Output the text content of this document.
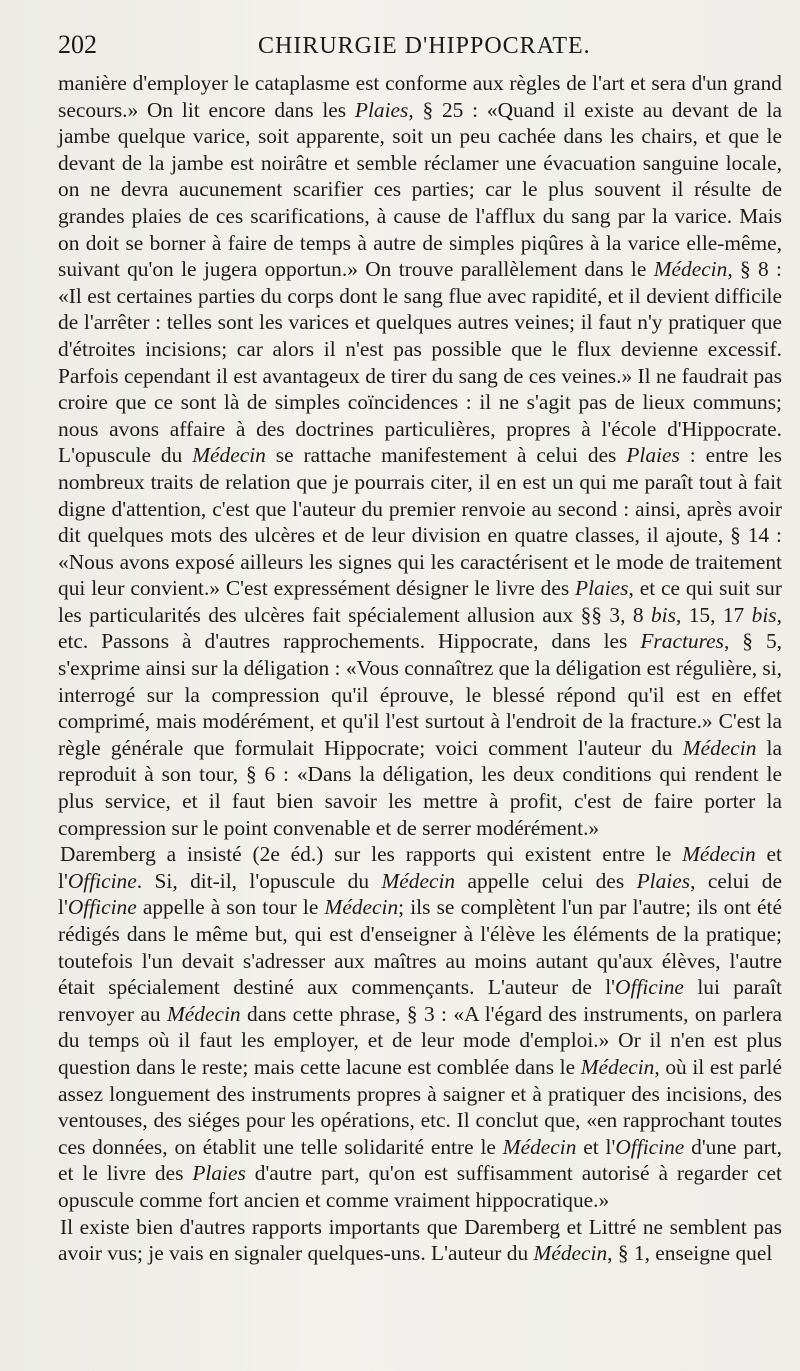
202	CHIRURGIE D'HIPPOCRATE.

manière d'employer le cataplasme est conforme aux règles de l'art et sera d'un grand secours.» On lit encore dans les Plaies, § 25 : «Quand il existe au devant de la jambe quelque varice, soit apparente, soit un peu cachée dans les chairs, et que le devant de la jambe est noirâtre et semble réclamer une évacuation sanguine locale, on ne devra aucunement scarifier ces parties; car le plus souvent il résulte de grandes plaies de ces scarifications, à cause de l'afflux du sang par la varice. Mais on doit se borner à faire de temps à autre de simples piqûres à la varice elle-même, suivant qu'on le jugera opportun.» On trouve parallèlement dans le Médecin, § 8 : «Il est certaines parties du corps dont le sang flue avec rapidité, et il devient difficile de l'arrêter : telles sont les varices et quelques autres veines; il faut n'y pratiquer que d'étroites incisions; car alors il n'est pas possible que le flux devienne excessif. Parfois cependant il est avantageux de tirer du sang de ces veines.» Il ne faudrait pas croire que ce sont là de simples coïncidences : il ne s'agit pas de lieux communs; nous avons affaire à des doctrines particulières, propres à l'école d'Hippocrate. L'opuscule du Médecin se rattache manifestement à celui des Plaies : entre les nombreux traits de relation que je pourrais citer, il en est un qui me paraît tout à fait digne d'attention, c'est que l'auteur du premier renvoie au second : ainsi, après avoir dit quelques mots des ulcères et de leur division en quatre classes, il ajoute, § 14 : «Nous avons exposé ailleurs les signes qui les caractérisent et le mode de traitement qui leur convient.» C'est expressément désigner le livre des Plaies, et ce qui suit sur les particularités des ulcères fait spécialement allusion aux §§ 3, 8 bis, 15, 17 bis, etc. Passons à d'autres rapprochements. Hippocrate, dans les Fractures, § 5, s'exprime ainsi sur la déligation : «Vous connaîtrez que la déligation est régulière, si, interrogé sur la compression qu'il éprouve, le blessé répond qu'il est en effet comprimé, mais modérément, et qu'il l'est surtout à l'endroit de la fracture.» C'est la règle générale que formulait Hippocrate; voici comment l'auteur du Médecin la reproduit à son tour, § 6 : «Dans la déligation, les deux conditions qui rendent le plus service, et il faut bien savoir les mettre à profit, c'est de faire porter la compression sur le point convenable et de serrer modérément.»

Daremberg a insisté (2e éd.) sur les rapports qui existent entre le Médecin et l'Officine. Si, dit-il, l'opuscule du Médecin appelle celui des Plaies, celui de l'Officine appelle à son tour le Médecin; ils se complètent l'un par l'autre; ils ont été rédigés dans le même but, qui est d'enseigner à l'élève les éléments de la pratique; toutefois l'un devait s'adresser aux maîtres au moins autant qu'aux élèves, l'autre était spécialement destiné aux commençants. L'auteur de l'Officine lui paraît renvoyer au Médecin dans cette phrase, § 3 : «A l'égard des instruments, on parlera du temps où il faut les employer, et de leur mode d'emploi.» Or il n'en est plus question dans le reste; mais cette lacune est comblée dans le Médecin, où il est parlé assez longuement des instruments propres à saigner et à pratiquer des incisions, des ventouses, des siéges pour les opérations, etc. Il conclut que, «en rapprochant toutes ces données, on établit une telle solidarité entre le Médecin et l'Officine d'une part, et le livre des Plaies d'autre part, qu'on est suffisamment autorisé à regarder cet opuscule comme fort ancien et comme vraiment hippocratique.»

Il existe bien d'autres rapports importants que Daremberg et Littré ne semblent pas avoir vus; je vais en signaler quelques-uns. L'auteur du Médecin, § 1, enseigne quel
